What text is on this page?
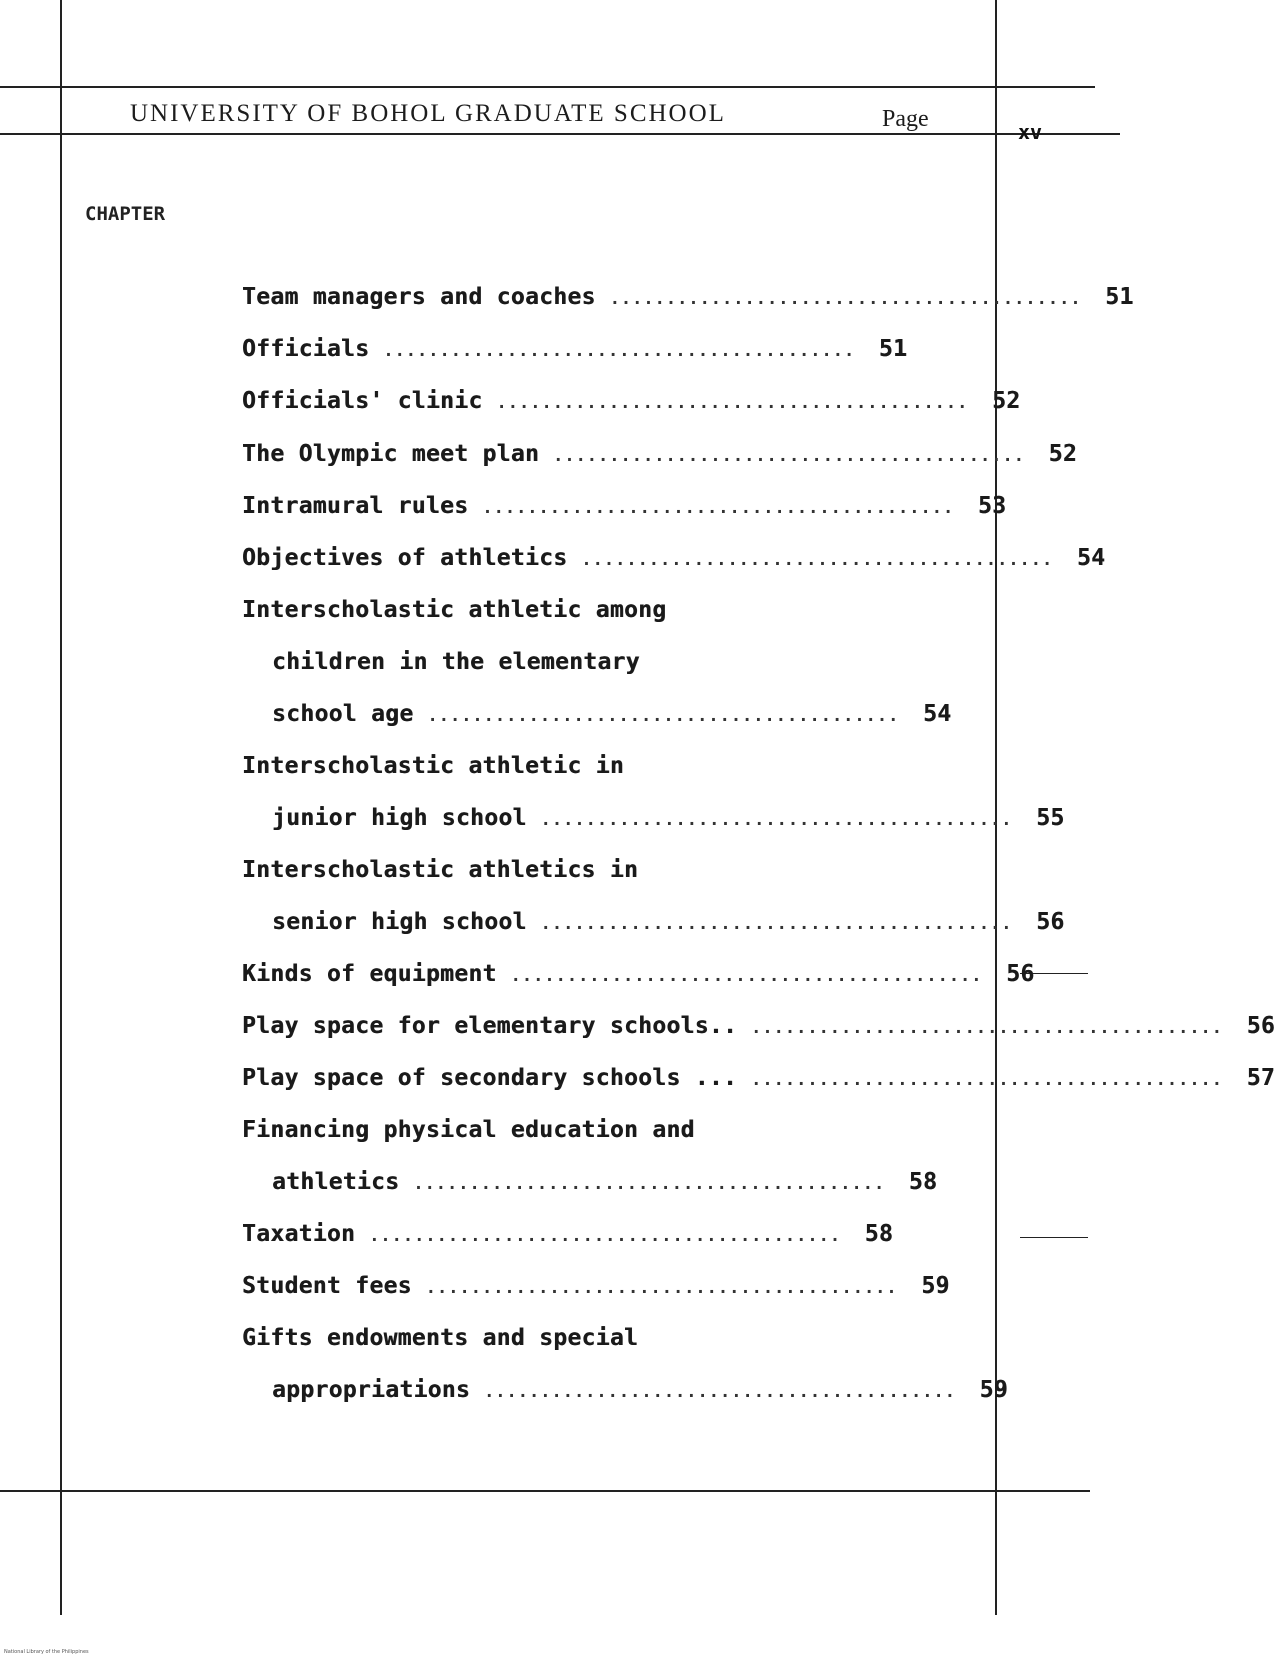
UNIVERSITY OF BOHOL GRADUATE SCHOOL	Page	xv
CHAPTER
Team managers and coaches ..........................................	51
Officials ..........................................	51
Officials' clinic ..........................................	52
The Olympic meet plan ..........................................	52
Intramural rules ..........................................	53
Objectives of athletics ..........................................	54
Interscholastic athletic among
children in the elementary
school age ..........................................	54
Interscholastic athletic in
junior high school ..........................................	55
Interscholastic athletics in
senior high school ..........................................	56
Kinds of equipment ..........................................	56
Play space for elementary schools.. ..........................................	56
Play space of secondary schools ... ..........................................	57
Financing physical education and
athletics ..........................................	58
Taxation ..........................................	58
Student fees ..........................................	59
Gifts endowments and special
appropriations ..........................................	59
National Library of the Philippines
